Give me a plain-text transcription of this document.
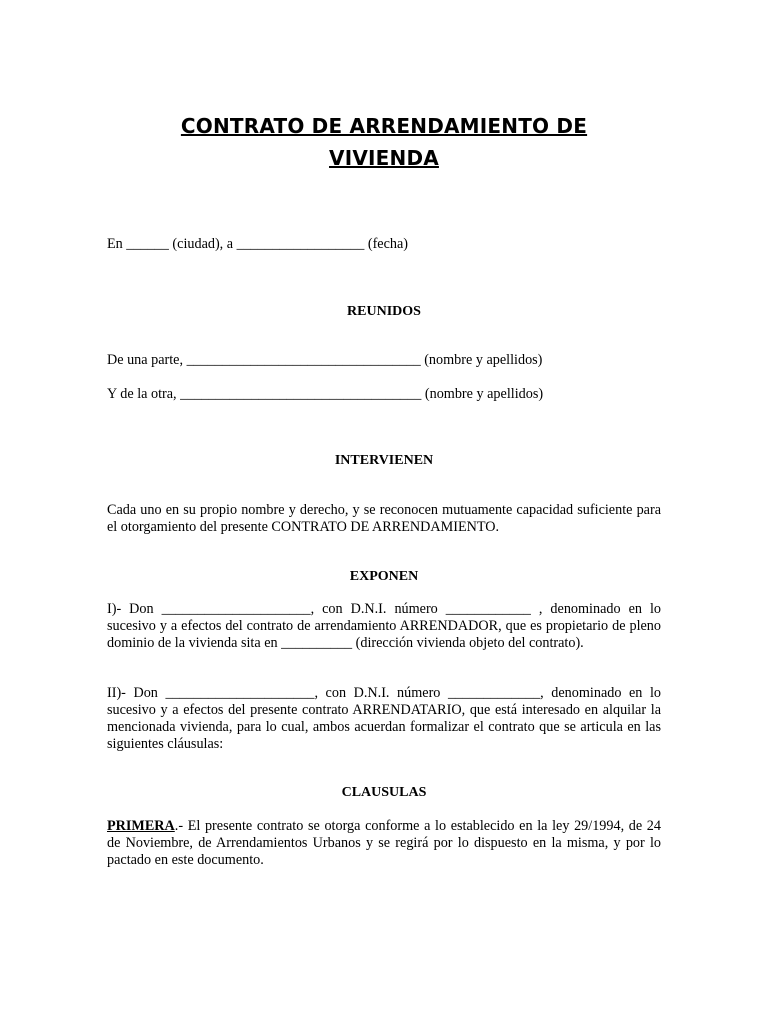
CONTRATO DE ARRENDAMIENTO DE
VIVIENDA

En ______ (ciudad), a __________________ (fecha)

REUNIDOS

De una parte, _________________________________ (nombre y apellidos)

Y de la otra, __________________________________ (nombre y apellidos)

INTERVIENEN

Cada uno en su propio nombre y derecho, y se reconocen mutuamente capacidad suficiente para el otorgamiento del presente CONTRATO DE ARRENDAMIENTO.

EXPONEN

I)- Don _____________________, con D.N.I. número ____________ , denominado en lo sucesivo y a efectos del contrato de arrendamiento ARRENDADOR, que es propietario de pleno dominio de la vivienda sita en __________ (dirección vivienda objeto del contrato).

II)- Don _____________________, con D.N.I. número _____________, denominado en lo sucesivo y a efectos del presente contrato ARRENDATARIO, que está interesado en alquilar la mencionada vivienda, para lo cual, ambos acuerdan formalizar el contrato que se articula en las siguientes cláusulas:

CLAUSULAS

PRIMERA.- El presente contrato se otorga conforme a lo establecido en la ley 29/1994, de 24 de Noviembre, de Arrendamientos Urbanos y se regirá por lo dispuesto en la misma, y por lo pactado en este documento.
